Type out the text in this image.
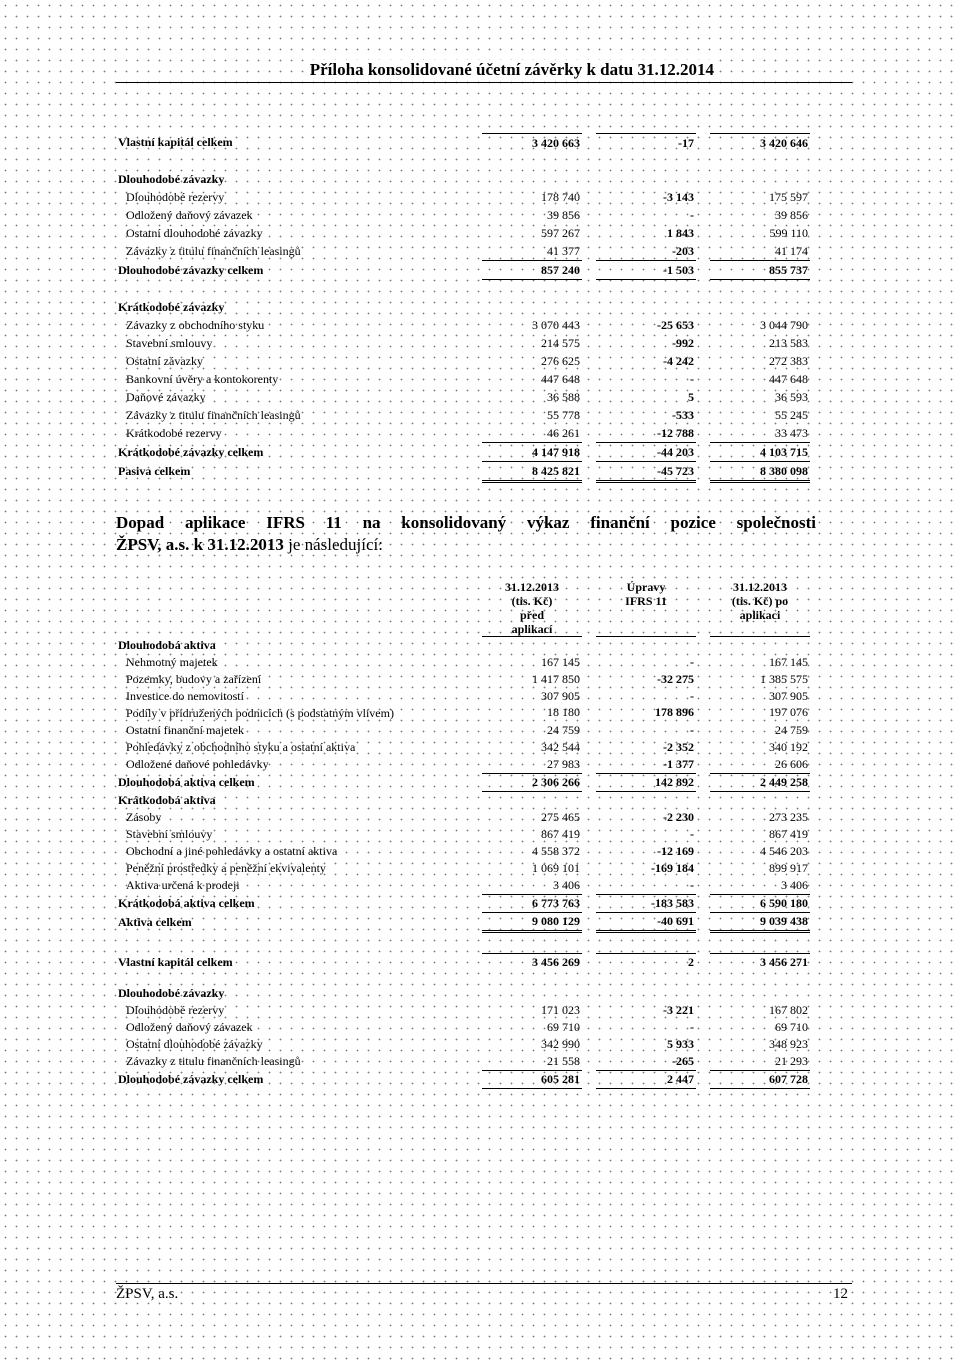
Příloha konsolidované účetní závěrky k datu 31.12.2014
Vlastní kapitál celkem	3 420 663		-17		3 420 646

Dlouhodobé závazky					
Dlouhodobé rezervy	178 740		-3 143		175 597
Odložený daňový závazek	39 856		-		39 856
Ostatní dlouhodobé závazky	597 267		1 843		599 110
Závazky z titulu finančních leasingů	41 377		-203		41 174
Dlouhodobé závazky celkem	857 240		-1 503		855 737

Krátkodobé závazky					
Závazky z obchodního styku	3 070 443		-25 653		3 044 790
Stavební smlouvy	214 575		-992		213 583
Ostatní závazky	276 625		-4 242		272 383
Bankovní úvěry a kontokorenty	447 648		-		447 648
Daňové závazky	36 588		5		36 593
Závazky z titulu finančních leasingů	55 778		-533		55 245
Krátkodobé rezervy	46 261		-12 788		33 473
Krátkodobé závazky celkem	4 147 918		-44 203		4 103 715
Pasiva celkem	8 425 821		-45 723		8 380 098
Dopad aplikace IFRS 11 na konsolidovaný výkaz finanční pozice společnosti
ŽPSV, a.s. k 31.12.2013 je následující:
	31.12.2013		Úpravy		31.12.2013
	(tis. Kč)		IFRS 11		(tis. Kč) po
	před				aplikaci
	aplikací				
Dlouhodobá aktiva					
Nehmotný majetek	167 145		-		167 145
Pozemky, budovy a zařízení	1 417 850		-32 275		1 385 575
Investice do nemovitostí	307 905		-		307 905
Podíly v přidružených podnicích (s podstatným vlivem)	18 180		178 896		197 076
Ostatní finanční majetek	24 759		-		24 759
Pohledávky z obchodního styku a ostatní aktiva	342 544		-2 352		340 192
Odložené daňové pohledávky	27 983		-1 377		26 606
Dlouhodobá aktiva celkem	2 306 266		142 892		2 449 258
Krátkodobá aktiva					
Zásoby	275 465		-2 230		273 235
Stavební smlouvy	867 419		-		867 419
Obchodní a jiné pohledávky a ostatní aktiva	4 558 372		-12 169		4 546 203
Peněžní prostředky a peněžní ekvivalenty	1 069 101		-169 184		899 917
Aktiva určená k prodeji	3 406		-		3 406
Krátkodobá aktiva celkem	6 773 763		-183 583		6 590 180
Aktiva celkem	9 080 129		-40 691		9 039 438

Vlastní kapitál celkem	3 456 269		2		3 456 271

Dlouhodobé závazky					
Dlouhodobé rezervy	171 023		-3 221		167 802
Odložený daňový závazek	69 710		-		69 710
Ostatní dlouhodobé závazky	342 990		5 933		348 923
Závazky z titulu finančních leasingů	21 558		-265		21 293
Dlouhodobé závazky celkem	605 281		2 447		607 728
ŽPSV, a.s.	12
